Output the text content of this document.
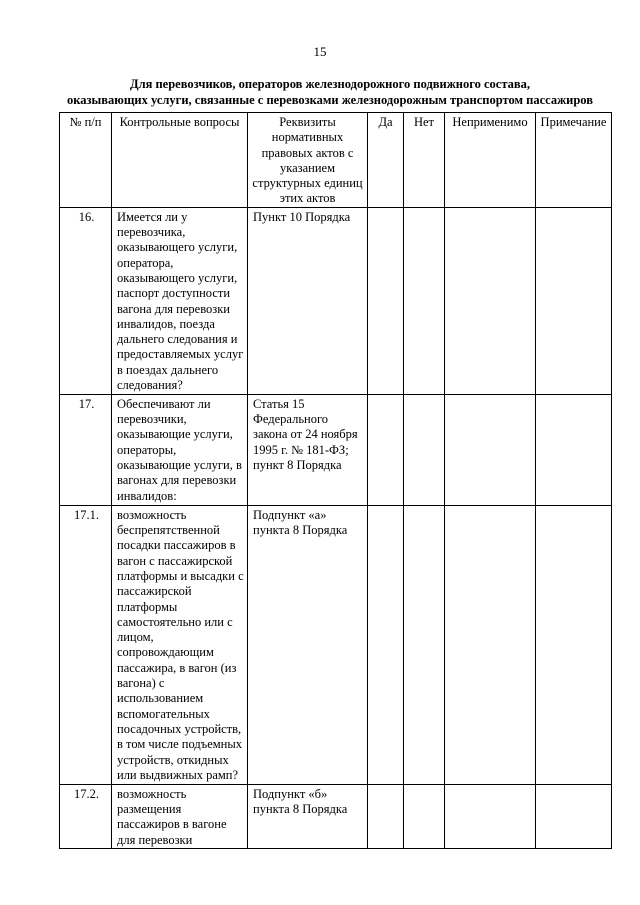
15
Для перевозчиков, операторов железнодорожного подвижного состава,
оказывающих услуги, связанные с перевозками железнодорожным транспортом пассажиров
№ п/п	Контрольные вопросы	Реквизиты нормативных правовых актов с указанием структурных единиц этих актов	Да	Нет	Неприменимо	Примечание
16.	Имеется ли у перевозчика, оказывающего услуги, оператора, оказывающего услуги, паспорт доступности вагона для перевозки инвалидов, поезда дальнего следования и предоставляемых услуг в поездах дальнего следования?	Пункт 10 Порядка				
17.	Обеспечивают ли перевозчики, оказывающие услуги, операторы, оказывающие услуги, в вагонах для перевозки инвалидов:	Статья 15 Федерального закона от 24 ноября 1995 г. № 181-ФЗ; пункт 8 Порядка				
17.1.	возможность беспрепятственной посадки пассажиров в вагон с пассажирской платформы и высадки с пассажирской платформы самостоятельно или с лицом, сопровождающим пассажира, в вагон (из вагона) с использованием вспомогательных посадочных устройств, в том числе подъемных устройств, откидных или выдвижных рамп?	Подпункт «а» пункта 8 Порядка				
17.2.	возможность размещения пассажиров в вагоне для перевозки	Подпункт «б» пункта 8 Порядка				
